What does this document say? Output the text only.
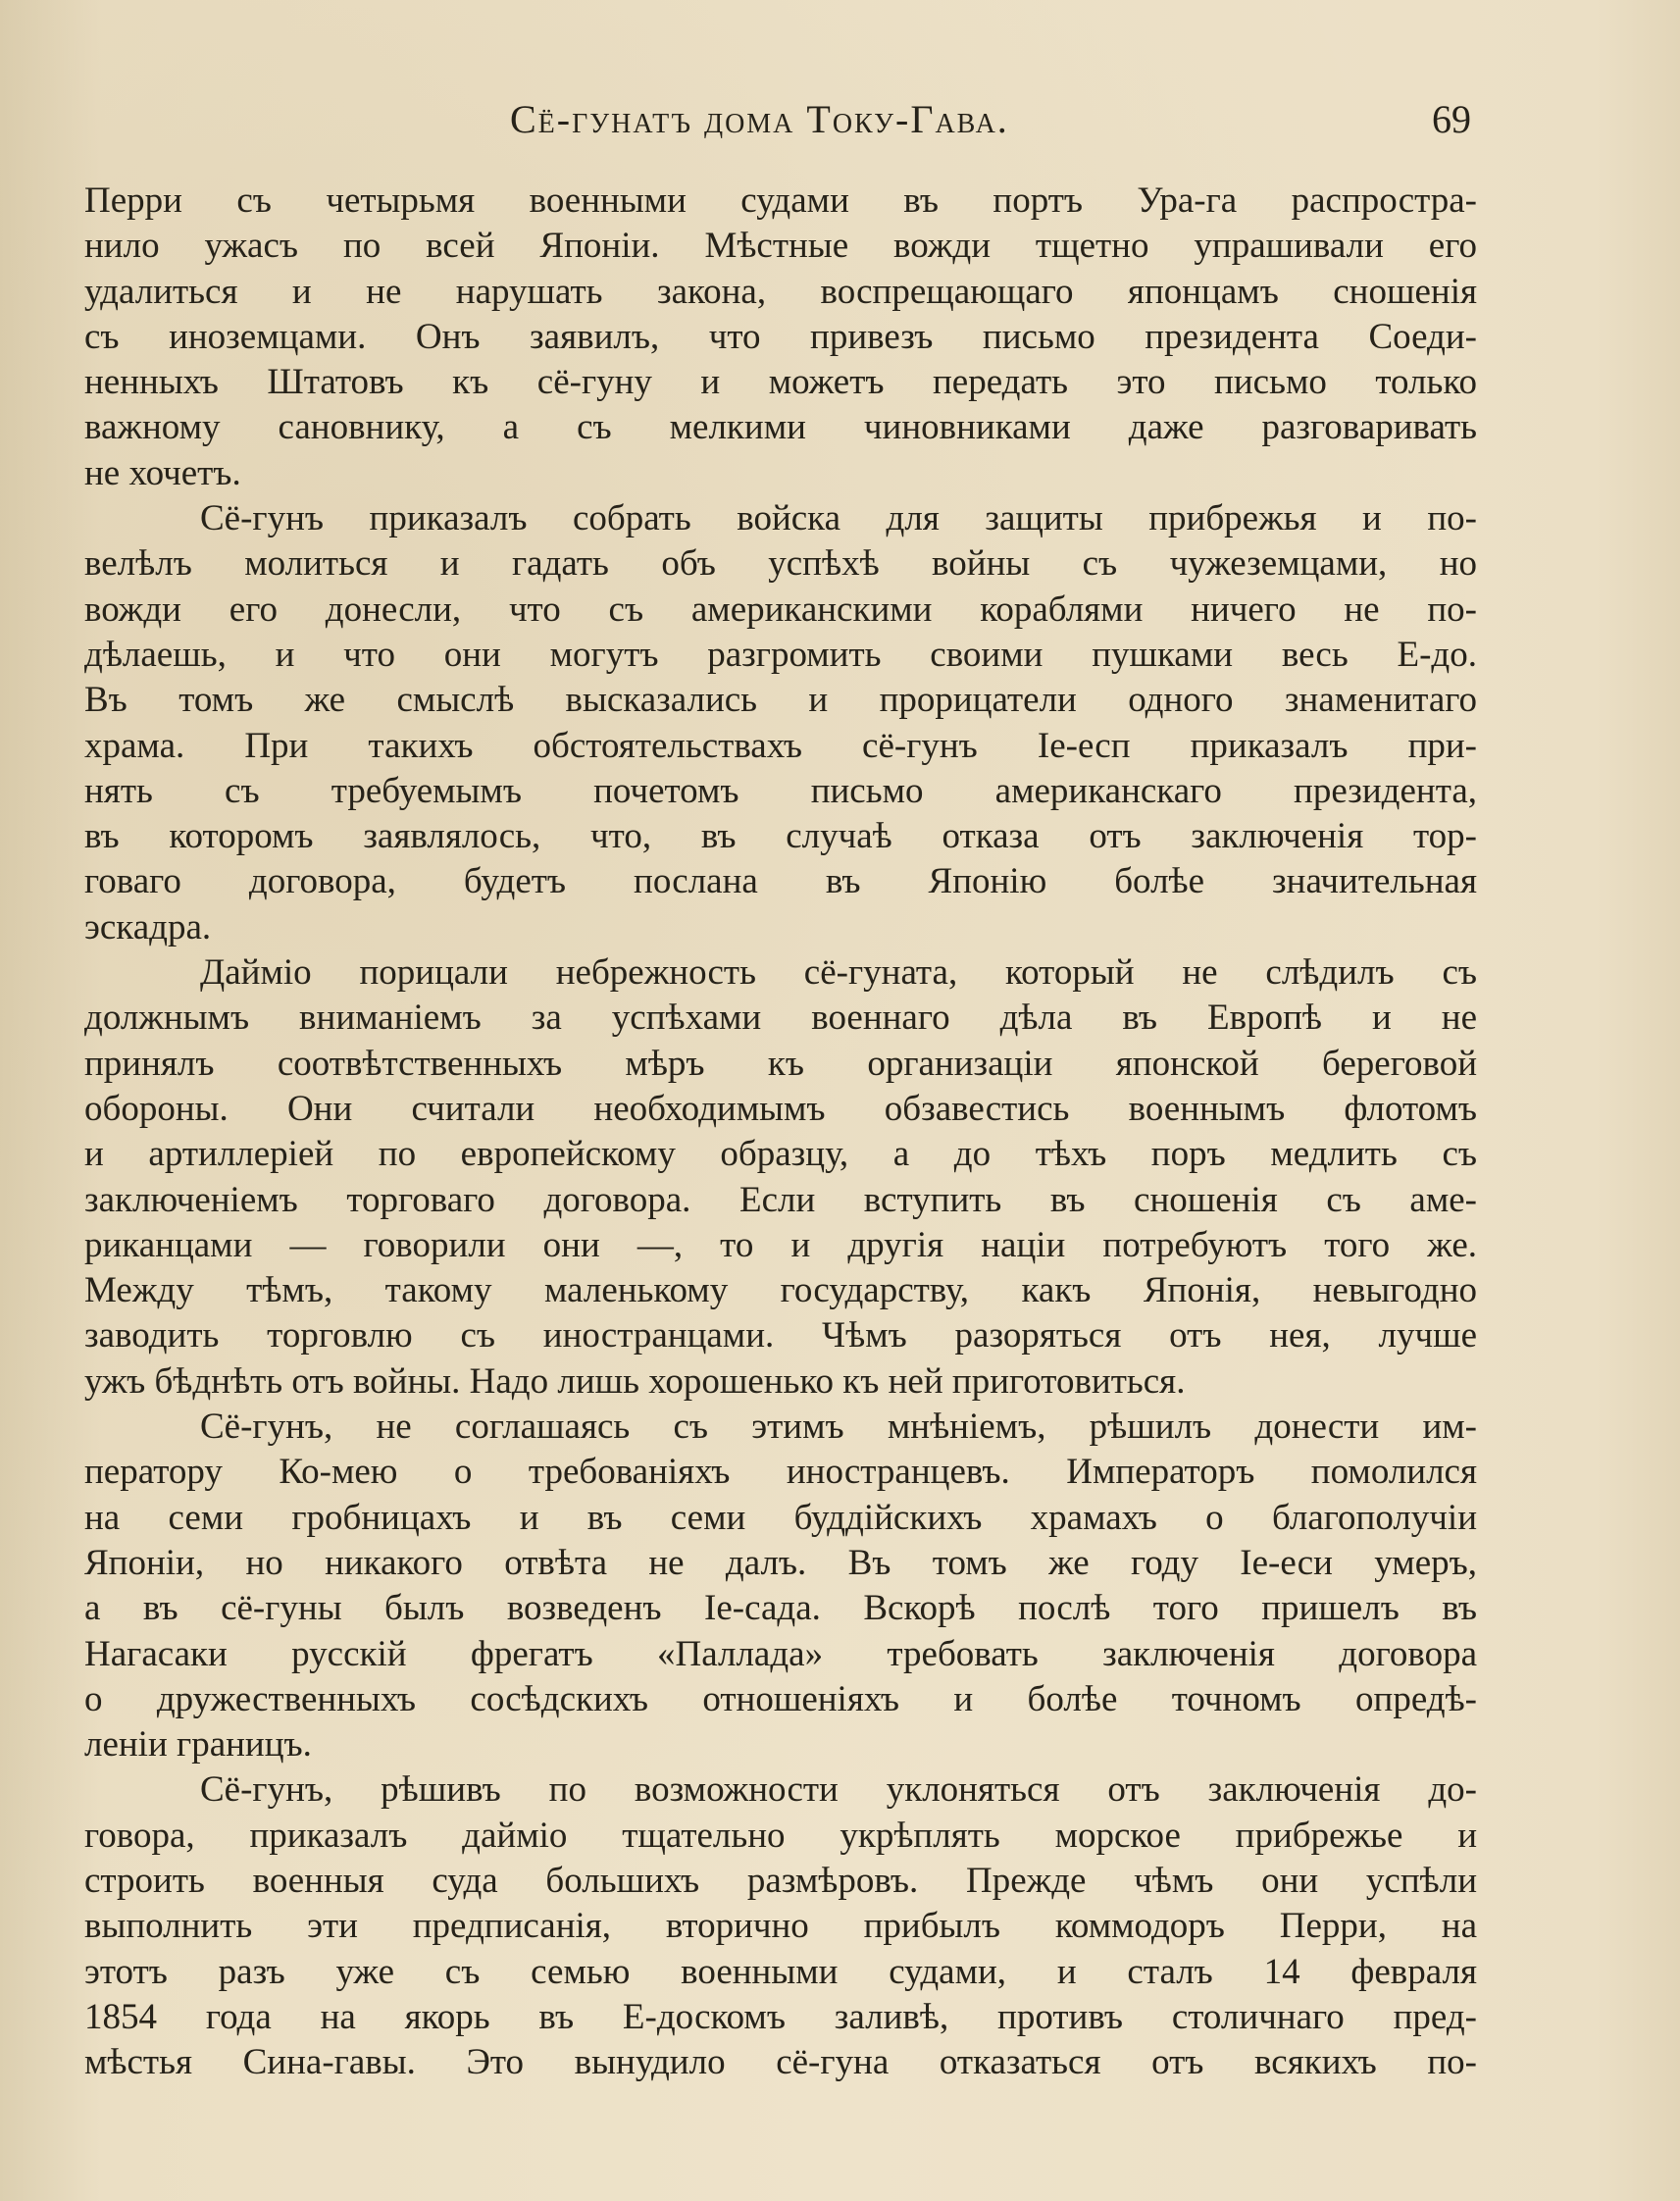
Сё-гунатъ дома Току-Гава.	69
Перри съ четырьмя военными судами въ портъ Ура-га распростра-
нило ужасъ по всей Японіи. Мѣстные вожди тщетно упрашивали его
удалиться и не нарушать закона, воспрещающаго японцамъ сношенія
съ иноземцами. Онъ заявилъ, что привезъ письмо президента Соеди-
ненныхъ Штатовъ къ сё-гуну и можетъ передать это письмо только
важному сановнику, а съ мелкими чиновниками даже разговаривать
не хочетъ.
Сё-гунъ приказалъ собрать войска для защиты прибрежья и по-
велѣлъ молиться и гадать объ успѣхѣ войны съ чужеземцами, но
вожди его донесли, что съ американскими кораблями ничего не по-
дѣлаешь, и что они могутъ разгромить своими пушками весь Е-до.
Въ томъ же смыслѣ высказались и прорицатели одного знаменитаго
храма. При такихъ обстоятельствахъ сё-гунъ Іе-есп приказалъ при-
нять съ требуемымъ почетомъ письмо американскаго президента,
въ которомъ заявлялось, что, въ случаѣ отказа отъ заключенія тор-
говаго договора, будетъ послана въ Японію болѣе значительная
эскадра.
Даймio порицали небрежность сё-гуната, который не слѣдилъ съ
должнымъ вниманіемъ за успѣхами военнаго дѣла въ Европѣ и не
принялъ соотвѣтственныхъ мѣръ къ организаціи японской береговой
обороны. Они считали необходимымъ обзавестись военнымъ флотомъ
и артиллеріей по европейскому образцу, а до тѣхъ поръ медлить съ
заключеніемъ торговаго договора. Если вступить въ сношенія съ аме-
риканцами — говорили они —, то и другія націи потребуютъ того же.
Между тѣмъ, такому маленькому государству, какъ Японія, невыгодно
заводить торговлю съ иностранцами. Чѣмъ разоряться отъ нея, лучше
ужъ бѣднѣть отъ войны. Надо лишь хорошенько къ ней приготовиться.
Сё-гунъ, не соглашаясь съ этимъ мнѣніемъ, рѣшилъ донести им-
ператору Ко-мею о требованіяхъ иностранцевъ. Императоръ помолился
на семи гробницахъ и въ семи буддійскихъ храмахъ о благополучіи
Японіи, но никакого отвѣта не далъ. Въ томъ же году Іе-еси умеръ,
а въ сё-гуны былъ возведенъ Іе-сада. Вскорѣ послѣ того пришелъ въ
Нагасаки русскій фрегатъ «Паллада» требовать заключенія договора
о дружественныхъ сосѣдскихъ отношеніяхъ и болѣе точномъ опредѣ-
леніи границъ.
Сё-гунъ, рѣшивъ по возможности уклоняться отъ заключенія до-
говора, приказалъ даймio тщательно укрѣплять морское прибрежье и
строить военныя суда большихъ размѣровъ. Прежде чѣмъ они успѣли
выполнить эти предписанія, вторично прибылъ коммодоръ Перри, на
этотъ разъ уже съ семью военными судами, и сталъ 14 февраля
1854 года на якорь въ Е-доскомъ заливѣ, противъ столичнаго пред-
мѣстья Сина-гавы. Это вынудило сё-гуна отказаться отъ всякихъ по-
